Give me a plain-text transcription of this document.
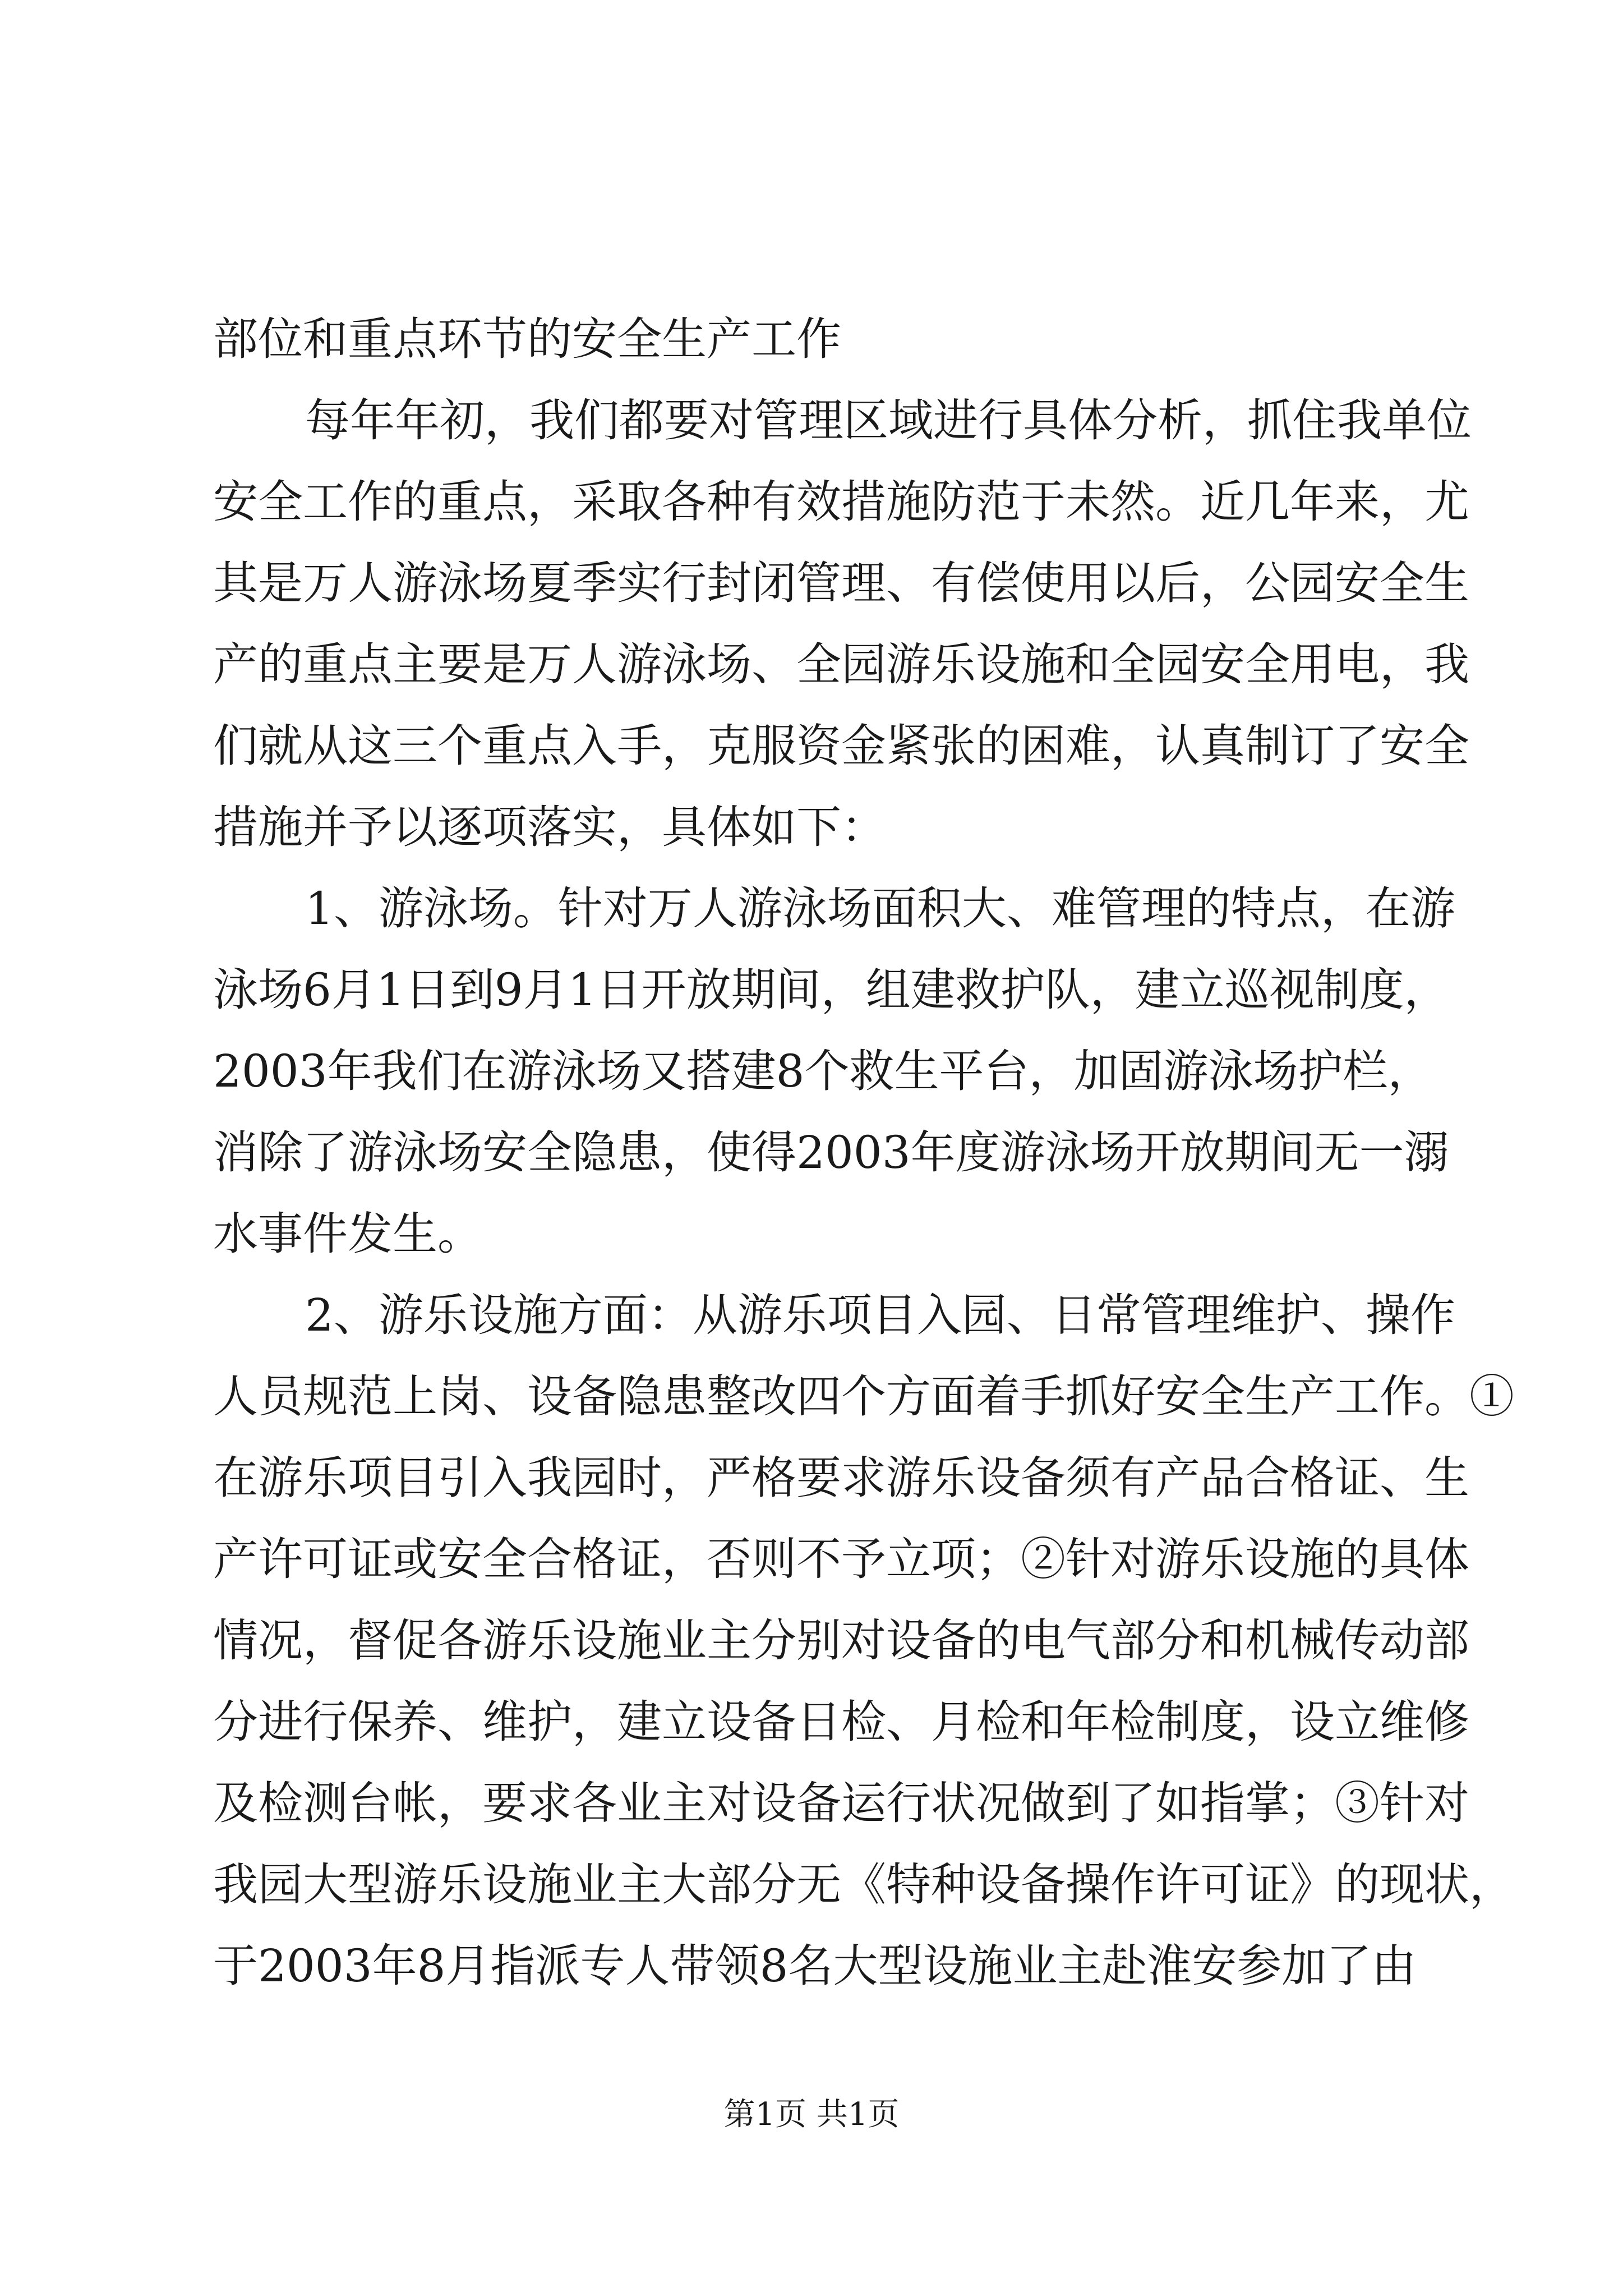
部位和重点环节的安全生产工作
每年年初，我们都要对管理区域进行具体分析，抓住我单位
安全工作的重点，采取各种有效措施防范于未然。近几年来，尤
其是万人游泳场夏季实行封闭管理、有偿使用以后，公园安全生
产的重点主要是万人游泳场、全园游乐设施和全园安全用电，我
们就从这三个重点入手，克服资金紧张的困难，认真制订了安全
措施并予以逐项落实，具体如下：
1、游泳场。针对万人游泳场面积大、难管理的特点，在游
泳场6月1日到9月1日开放期间，组建救护队，建立巡视制度，
2003年我们在游泳场又搭建8个救生平台，加固游泳场护栏，
消除了游泳场安全隐患，使得2003年度游泳场开放期间无一溺
水事件发生。
2、游乐设施方面：从游乐项目入园、日常管理维护、操作
人员规范上岗、设备隐患整改四个方面着手抓好安全生产工作。①
在游乐项目引入我园时，严格要求游乐设备须有产品合格证、生
产许可证或安全合格证，否则不予立项；②针对游乐设施的具体
情况，督促各游乐设施业主分别对设备的电气部分和机械传动部
分进行保养、维护，建立设备日检、月检和年检制度，设立维修
及检测台帐，要求各业主对设备运行状况做到了如指掌；③针对
我园大型游乐设施业主大部分无《特种设备操作许可证》的现状，
于2003年8月指派专人带领8名大型设施业主赴淮安参加了由
第1页 共1页
